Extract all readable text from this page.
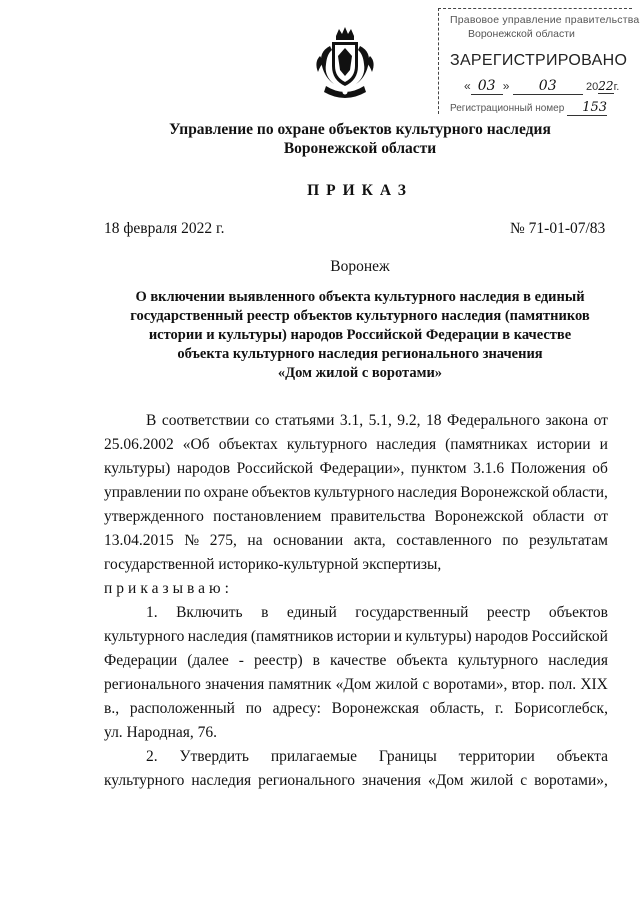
Правовое управление правительства
Воронежской области
ЗАРЕГИСТРИРОВАНО
« 03 » 03	2022г.
Регистрационный номер 153
Управление по охране объектов культурного наследия
Воронежской области
ПРИКАЗ
18 февраля 2022 г.	№ 71-01-07/83
Воронеж
О включении выявленного объекта культурного наследия в единый
государственный реестр объектов культурного наследия (памятников
истории и культуры) народов Российской Федерации в качестве
объекта культурного наследия регионального значения
«Дом жилой с воротами»
В соответствии со статьями 3.1, 5.1, 9.2, 18 Федерального закона от
25.06.2002 «Об объектах культурного наследия (памятниках истории и
культуры) народов Российской Федерации», пунктом 3.1.6 Положения об
управлении по охране объектов культурного наследия Воронежской области,
утвержденного постановлением правительства Воронежской области от
13.04.2015 № 275, на основании акта, составленного по результатам
государственной историко-культурной экспертизы,
приказываю:
1. Включить в единый государственный реестр объектов
культурного наследия (памятников истории и культуры) народов Российской
Федерации (далее - реестр) в качестве объекта культурного наследия
регионального значения памятник «Дом жилой с воротами», втор. пол. XIX
в., расположенный по адресу: Воронежская область, г. Борисоглебск,
ул. Народная, 76.
2. Утвердить прилагаемые Границы территории объекта
культурного наследия регионального значения «Дом жилой с воротами»,
